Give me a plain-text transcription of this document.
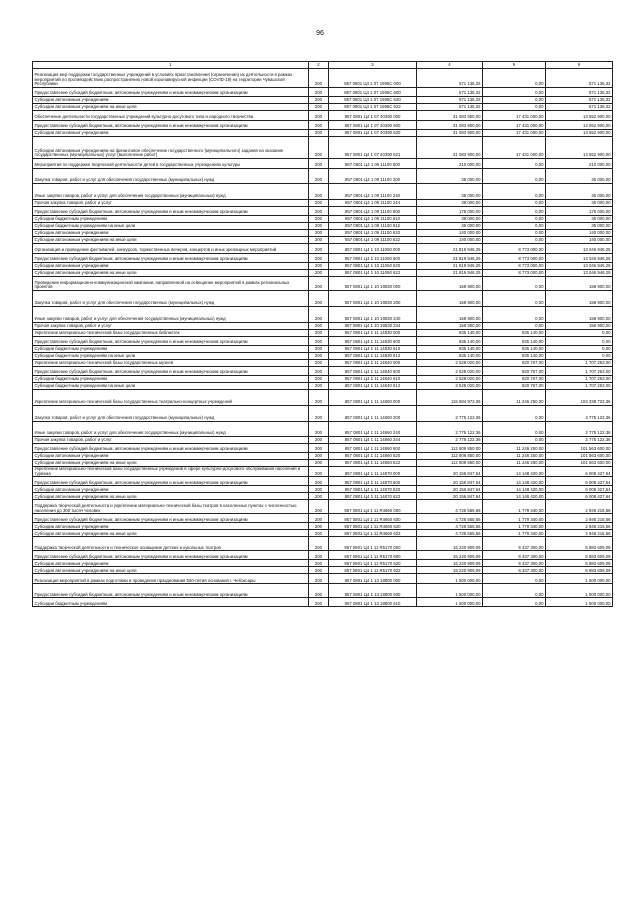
96
1	2	3	4	5	6
Реализация мер поддержки государственных учреждений в условиях приостановления (ограничения) их деятельности в рамках мероприятий по противодействию распространению новой коронавирусной инфекции (COVID-19) на территории Чувашской Республики	200	857 0801 Ц4 1 07 1595С 000	571 135,32	0,00	571 135,32
Предоставление субсидий бюджетным, автономным учреждениям и иным некоммерческим организациям	200	857 0801 Ц4 1 07 1595С 600	571 135,32	0,00	571 135,32
Субсидии автономным учреждениям	200	857 0801 Ц4 1 07 1595С 620	571 135,32	0,00	571 135,32
Субсидии автономным учреждениям на иные цели	200	857 0801 Ц4 1 07 1595С 622	571 135,32	0,00	571 135,32
Обеспечение деятельности государственных учреждений культурно-досугового типа и народного творчества	200	857 0801 Ц4 1 07 40390 000	31 083 900,00	17 431 000,00	13 652 900,00
Предоставление субсидий бюджетным, автономным учреждениям и иным некоммерческим организациям	200	857 0801 Ц4 1 07 40390 600	31 083 900,00	17 431 000,00	13 652 900,00
Субсидии автономным учреждениям	200	857 0801 Ц4 1 07 40390 620	31 083 900,00	17 431 000,00	13 652 900,00
Субсидии автономным учреждениям на финансовое обеспечение государственного (муниципального) задания на оказание государственных (муниципальных) услуг (выполнение работ)	200	857 0801 Ц4 1 07 40390 621	31 083 900,00	17 431 000,00	13 652 900,00
Мероприятия по поддержке творческой деятельности детей в государственных учреждениях культуры	200	857 0801 Ц4 1 09 11100 000	210 000,00	0,00	210 000,00
Закупка товаров, работ и услуг для обеспечения государственных (муниципальных) нужд	200	857 0801 Ц4 1 09 11100 200	35 000,00	0,00	35 000,00
Иные закупки товаров, работ и услуг для обеспечения государственных (муниципальных) нужд	200	857 0801 Ц4 1 09 11100 240	35 000,00	0,00	35 000,00
Прочая закупка товаров, работ и услуг	200	857 0801 Ц4 1 09 11100 244	35 000,00	0,00	35 000,00
Предоставление субсидий бюджетным, автономным учреждениям и иным некоммерческим организациям	200	857 0801 Ц4 1 09 11100 600	175 000,00	0,00	175 000,00
Субсидии бюджетным учреждениям	200	857 0801 Ц4 1 09 11100 610	35 000,00	0,00	35 000,00
Субсидии бюджетным учреждениям на иные цели	200	857 0801 Ц4 1 09 11100 612	35 000,00	0,00	35 000,00
Субсидии автономным учреждениям	200	857 0801 Ц4 1 09 11100 620	140 000,00	0,00	140 000,00
Субсидии автономным учреждениям на иные цели	200	857 0801 Ц4 1 09 11100 622	140 000,00	0,00	140 000,00
Организация и проведение фестивалей, конкурсов, торжественных вечеров, концертов и иных зрелищных мероприятий	200	857 0801 Ц4 1 10 11060 000	21 819 946,25	8 773 000,00	13 046 946,25
Предоставление субсидий бюджетным, автономным учреждениям и иным некоммерческим организациям	200	857 0801 Ц4 1 10 11060 600	21 819 946,25	8 773 000,00	13 046 946,25
Субсидии автономным учреждениям	200	857 0801 Ц4 1 10 11060 620	21 819 946,25	8 773 000,00	13 046 946,25
Субсидии автономным учреждениям на иные цели	200	857 0801 Ц4 1 10 11060 622	21 819 946,25	8 773 000,00	13 046 946,25
Проведение информационно-коммуникационной кампании, направленной на освещение мероприятий в рамках региональных проектов	200	857 0801 Ц4 1 10 19530 000	158 900,00	0,00	158 900,00
Закупка товаров, работ и услуг для обеспечения государственных (муниципальных) нужд	200	857 0801 Ц4 1 10 19530 200	158 900,00	0,00	158 900,00
Иные закупки товаров, работ и услуг для обеспечения государственных (муниципальных) нужд	200	857 0801 Ц4 1 10 19530 240	158 900,00	0,00	158 900,00
Прочая закупка товаров, работ и услуг	200	857 0801 Ц4 1 10 19530 244	158 900,00	0,00	158 900,00
Укрепление материально-технической базы государственных библиотек	200	857 0801 Ц4 1 11 14830 000	835 140,00	835 140,00	0,00
Предоставление субсидий бюджетным, автономным учреждениям и иным некоммерческим организациям	200	857 0801 Ц4 1 11 14830 600	835 140,00	835 140,00	0,00
Субсидии бюджетным учреждениям	200	857 0801 Ц4 1 11 14830 610	835 140,00	835 140,00	0,00
Субсидии бюджетным учреждениям на иные цели	200	857 0801 Ц4 1 11 14830 612	835 140,00	835 140,00	0,00
Укрепление материально-технической базы государственных музеев	200	857 0801 Ц4 1 11 14840 000	2 528 020,00	820 767,00	1 707 253,00
Предоставление субсидий бюджетным, автономным учреждениям и иным некоммерческим организациям	200	857 0801 Ц4 1 11 14840 600	2 528 020,00	820 767,00	1 707 253,00
Субсидии бюджетным учреждениям	200	857 0801 Ц4 1 11 14840 610	2 528 020,00	820 767,00	1 707 253,00
Субсидии бюджетным учреждениям на иные цели	200	857 0801 Ц4 1 11 14840 612	2 528 020,00	820 767,00	1 707 253,00
Укрепление материально-технической базы государственных театрально-концертных учреждений	200	857 0801 Ц4 1 11 14860 000	115 584 972,36	11 246 250,00	104 338 722,36
Закупка товаров, работ и услуг для обеспечения государственных (муниципальных) нужд	200	857 0801 Ц4 1 11 14860 200	2 775 122,36	0,00	2 775 122,36
Иные закупки товаров, работ и услуг для обеспечения государственных (муниципальных) нужд	200	857 0801 Ц4 1 11 14860 240	2 775 122,36	0,00	2 775 122,36
Прочая закупка товаров, работ и услуг	200	857 0801 Ц4 1 11 14860 244	2 775 122,36	0,00	2 775 122,36
Предоставление субсидий бюджетным, автономным учреждениям и иным некоммерческим организациям	200	857 0801 Ц4 1 11 14860 600	112 809 850,00	11 246 250,00	101 563 600,00
Субсидии автономным учреждениям	200	857 0801 Ц4 1 11 14860 620	112 809 850,00	11 246 250,00	101 563 600,00
Субсидии автономным учреждениям на иные цели	200	857 0801 Ц4 1 11 14860 622	112 809 850,00	11 246 250,00	101 563 600,00
Укрепление материально-технической базы государственных учреждений в сфере культурно-досугового обслуживания населения и туризма	200	857 0801 Ц4 1 11 14870 000	20 156 847,64	14 148 420,00	6 008 427,64
Предоставление субсидий бюджетным, автономным учреждениям и иным некоммерческим организациям	200	857 0801 Ц4 1 11 14870 600	20 156 847,64	14 148 420,00	6 008 427,64
Субсидии автономным учреждениям	200	857 0801 Ц4 1 11 14870 620	20 156 847,64	14 148 420,00	6 008 427,64
Субсидии автономным учреждениям на иные цели	200	857 0801 Ц4 1 11 14870 622	20 156 847,64	14 148 420,00	6 008 427,64
Поддержка творческой деятельности и укрепление материально-технической базы театров в населенных пунктах с численностью населения до 300 тысяч человек	200	857 0801 Ц4 1 11 R4660 000	4 725 555,56	1 779 340,00	2 946 215,56
Предоставление субсидий бюджетным, автономным учреждениям и иным некоммерческим организациям	200	857 0801 Ц4 1 11 R4660 600	4 725 555,56	1 779 340,00	2 946 215,56
Субсидии автономным учреждениям	200	857 0801 Ц4 1 11 R4660 620	4 725 555,56	1 779 340,00	2 946 215,56
Субсидии автономным учреждениям на иные цели	200	857 0801 Ц4 1 11 R4660 622	4 725 555,56	1 779 340,00	2 946 215,56
Поддержка творческой деятельности и техническое оснащение детских и кукольных театров	200	857 0801 Ц4 1 11 R5170 000	15 220 909,09	9 337 300,00	5 883 609,09
Предоставление субсидий бюджетным, автономным учреждениям и иным некоммерческим организациям	200	857 0801 Ц4 1 11 R5170 600	15 220 909,09	9 337 300,00	5 883 609,09
Субсидии автономным учреждениям	200	857 0801 Ц4 1 11 R5170 620	15 220 909,09	9 337 300,00	5 883 609,09
Субсидии автономным учреждениям на иные цели	200	857 0801 Ц4 1 11 R5170 622	15 220 909,09	9 337 300,00	5 883 609,09
Реализация мероприятий в рамках подготовки и проведения празднования 550-летия основания г. Чебоксары	200	857 0801 Ц4 1 13 18800 000	1 500 000,00	0,00	1 500 000,00
Предоставление субсидий бюджетным, автономным учреждениям и иным некоммерческим организациям	200	857 0801 Ц4 1 13 18800 600	1 500 000,00	0,00	1 500 000,00
Субсидии бюджетным учреждениям	200	857 0801 Ц4 1 13 18800 610	1 500 000,00	0,00	1 500 000,00
